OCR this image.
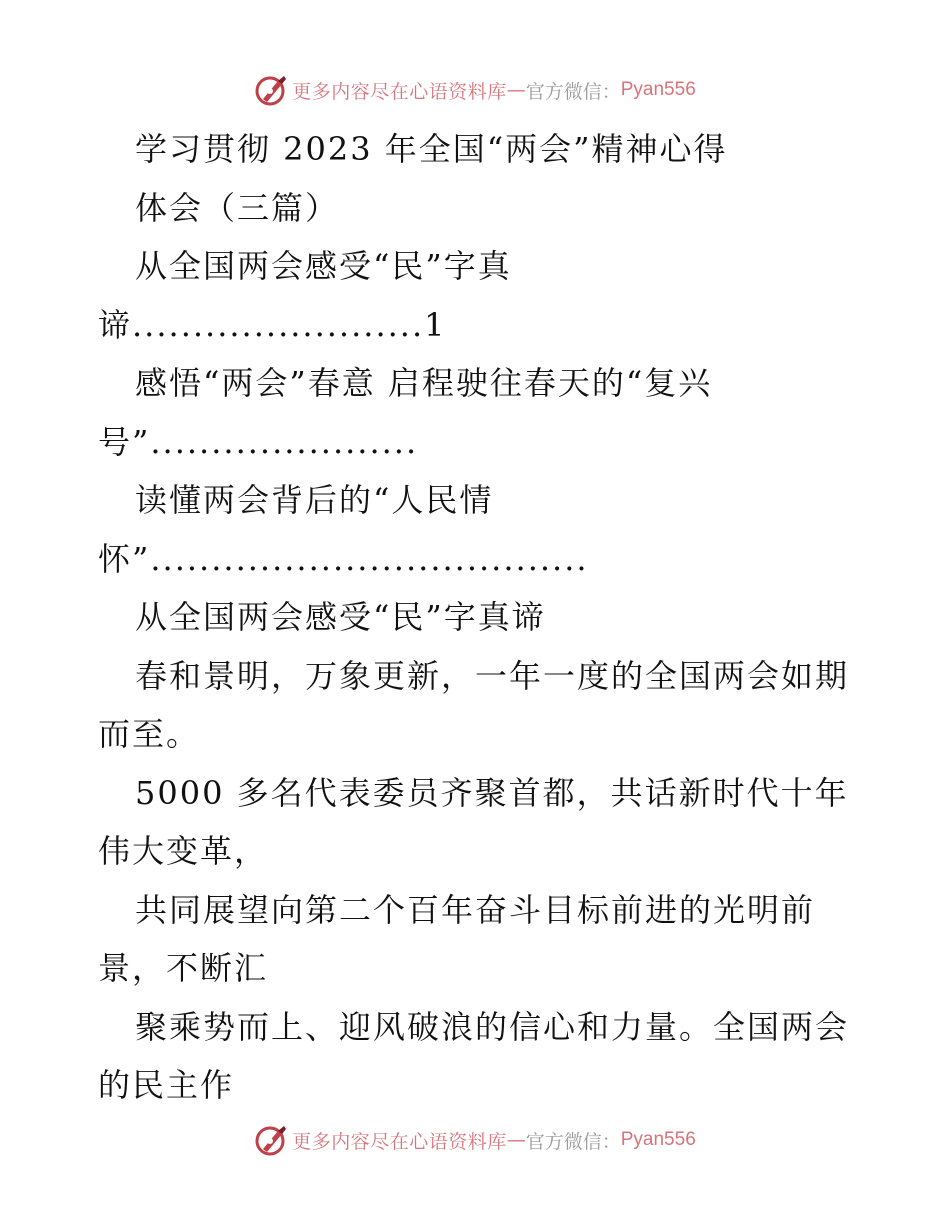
更多内容尽在心语资料库 — 官方微信： Pyan556
学习贯彻 2023 年全国“两会”精神心得
体会（三篇）
从全国两会感受“民”字真
谛........................1
感悟“两会”春意 启程驶往春天的“复兴
号”......................
读懂两会背后的“人民情
怀”....................................
从全国两会感受“民”字真谛
春和景明，万象更新，一年一度的全国两会如期
而至。
5000 多名代表委员齐聚首都，共话新时代十年
伟大变革，
共同展望向第二个百年奋斗目标前进的光明前
景，不断汇
聚乘势而上、迎风破浪的信心和力量。全国两会
的民主作
更多内容尽在心语资料库 — 官方微信： Pyan556
